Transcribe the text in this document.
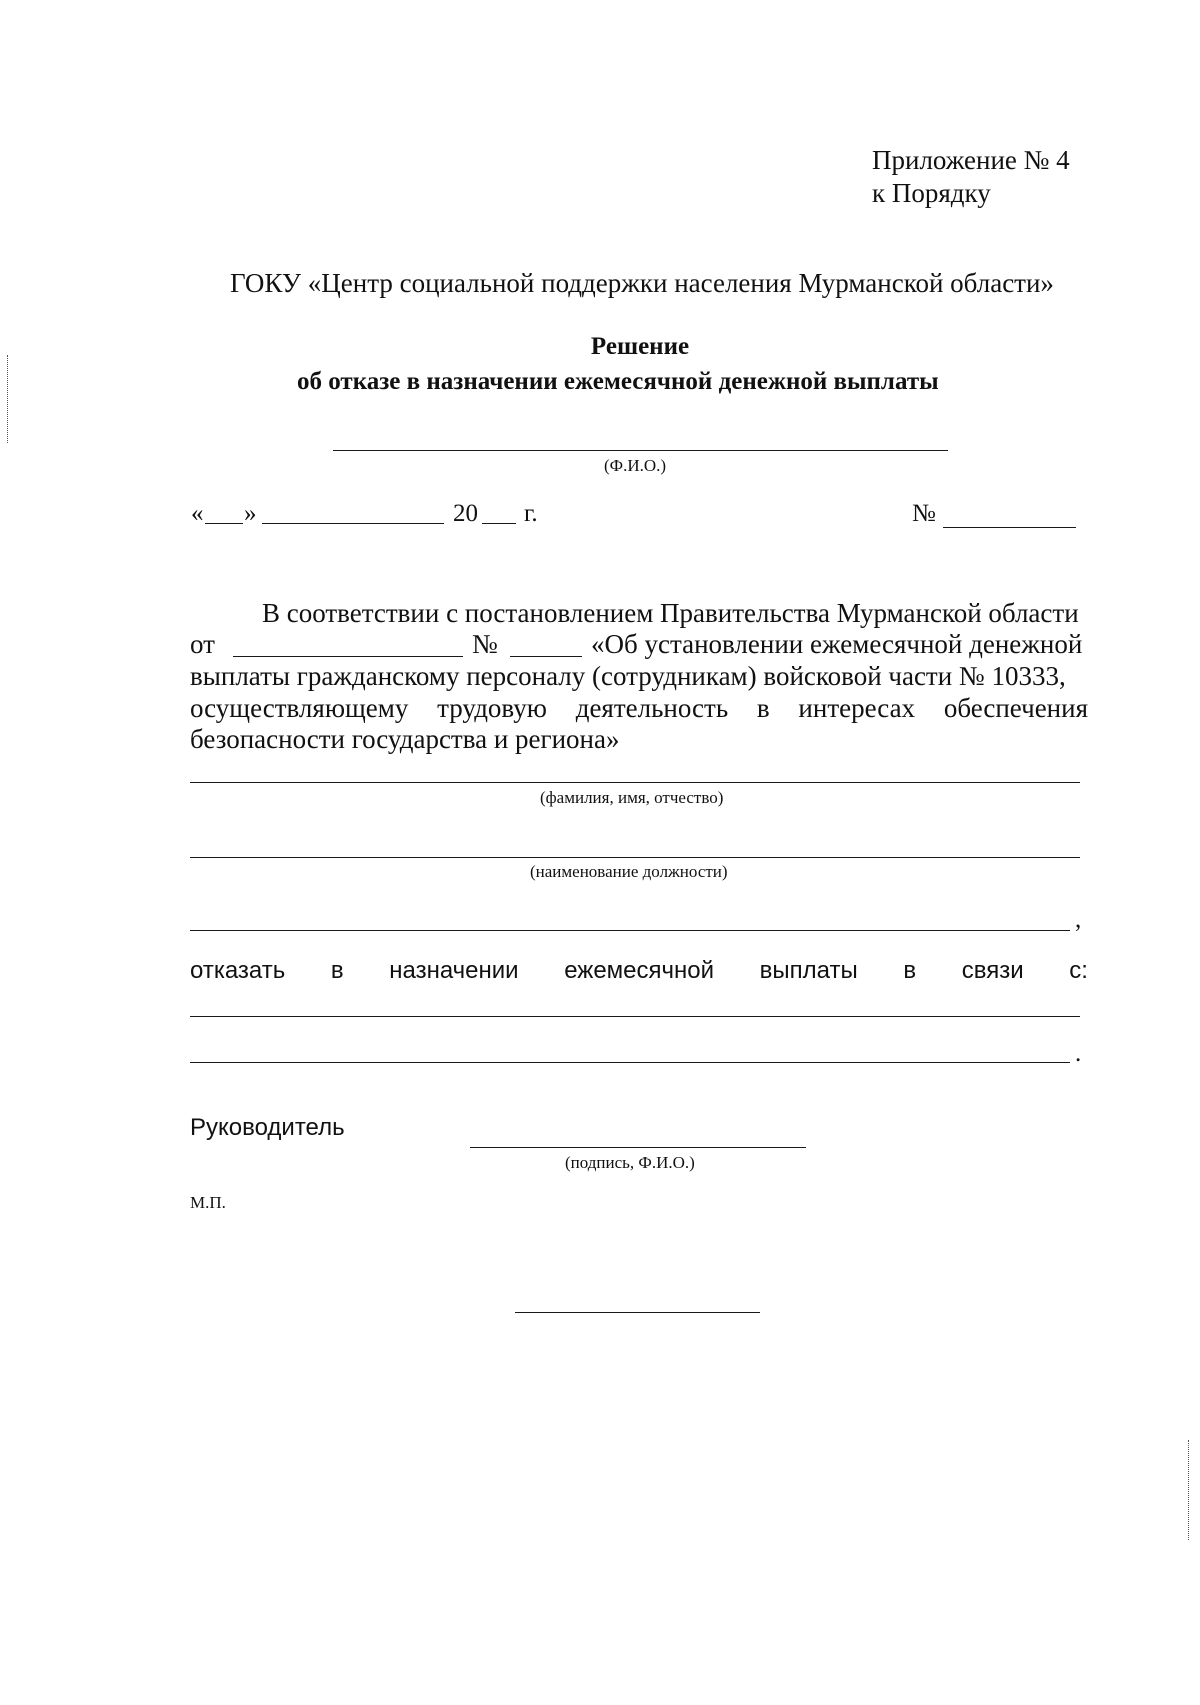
Приложение № 4
к Порядку
ГОКУ «Центр социальной поддержки населения Мурманской области»
Решение
об отказе в назначении ежемесячной денежной выплаты
(Ф.И.О.)
« »	20 г.	№
В соответствии с постановлением Правительства Мурманской области
от	№	«Об установлении ежемесячной денежной
выплаты гражданскому персоналу (сотрудникам) войсковой части № 10333,
осуществляющему трудовую деятельность в интересах обеспечения
безопасности государства и региона»
(фамилия, имя, отчество)
(наименование должности)
,
отказать в назначении ежемесячной выплаты в связи с:
.
Руководитель
(подпись, Ф.И.О.)
М.П.
